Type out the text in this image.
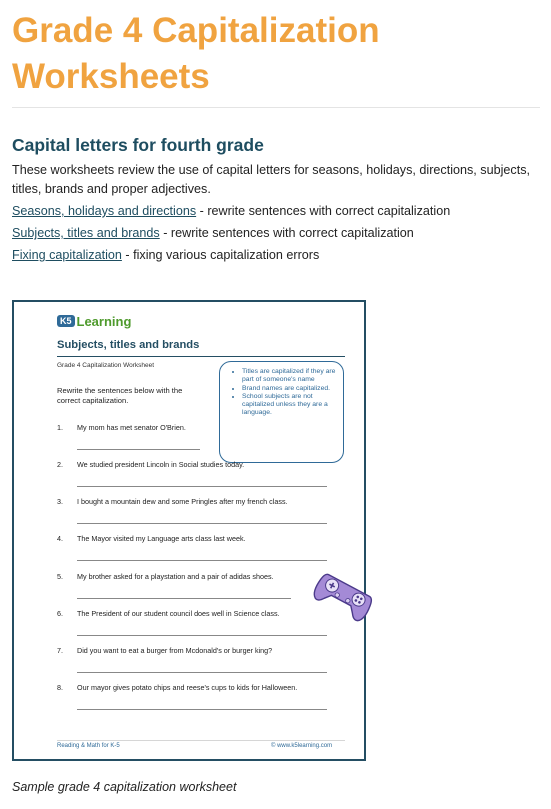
Grade 4 Capitalization Worksheets
Capital letters for fourth grade

These worksheets review the use of capital letters for seasons, holidays, directions, subjects, titles, brands and proper adjectives.

Seasons, holidays and directions - rewrite sentences with correct capitalization
Subjects, titles and brands - rewrite sentences with correct capitalization
Fixing capitalization - fixing various capitalization errors
K5 Learning
Subjects, titles and brands
Grade 4 Capitalization Worksheet
Rewrite the sentences below with the correct capitalization.
• Titles are capitalized if they are part of someone's name
• Brand names are capitalized.
• School subjects are not capitalized unless they are a language.
1. My mom has met senator O'Brien.
2. We studied president Lincoln in Social studies today.
3. I bought a mountain dew and some Pringles after my french class.
4. The Mayor visited my Language arts class last week.
5. My brother asked for a playstation and a pair of adidas shoes.
6. The President of our student council does well in Science class.
7. Did you want to eat a burger from Mcdonald's or burger king?
8. Our mayor gives potato chips and reese's cups to kids for Halloween.
Reading & Math for K-5	© www.k5learning.com
Sample grade 4 capitalization worksheet
